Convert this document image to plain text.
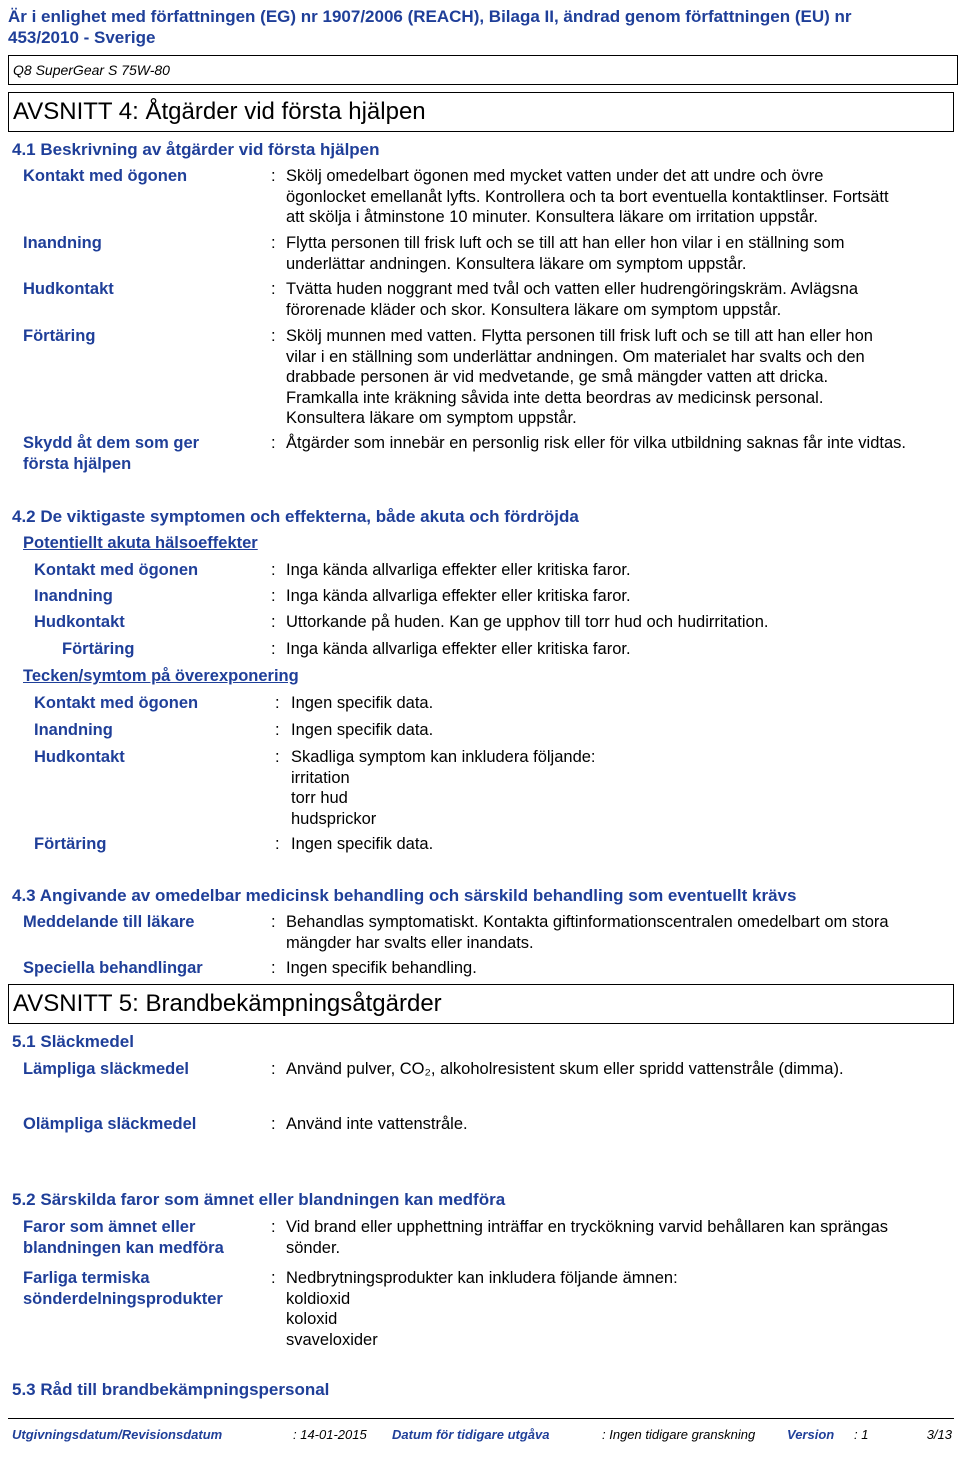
Är i enlighet med författningen (EG) nr 1907/2006 (REACH), Bilaga II, ändrad genom författningen (EU) nr
453/2010 - Sverige
Q8 SuperGear S 75W-80
AVSNITT 4: Åtgärder vid första hjälpen
4.1 Beskrivning av åtgärder vid första hjälpen
Kontakt med ögonen	: Skölj omedelbart ögonen med mycket vatten under det att undre och övre

ögonlocket emellanåt lyfts. Kontrollera och ta bort eventuella kontaktlinser. Fortsätt

att skölja i åtminstone 10 minuter. Konsultera läkare om irritation uppstår.

Inandning	: Flytta personen till frisk luft och se till att han eller hon vilar i en ställning som

underlättar andningen. Konsultera läkare om symptom uppstår.

Hudkontakt	: Tvätta huden noggrant med tvål och vatten eller hudrengöringskräm. Avlägsna

förorenade kläder och skor. Konsultera läkare om symptom uppstår.

Förtäring	: Skölj munnen med vatten. Flytta personen till frisk luft och se till att han eller hon

vilar i en ställning som underlättar andningen. Om materialet har svalts och den

drabbade personen är vid medvetande, ge små mängder vatten att dricka.

Framkalla inte kräkning såvida inte detta beordras av medicinsk personal.

Konsultera läkare om symptom uppstår.

Skydd åt dem som ger
första hjälpen
: Åtgärder som innebär en personlig risk eller för vilka utbildning saknas får inte vidtas.

4.2 De viktigaste symptomen och effekterna, både akuta och fördröjda
Potentiellt akuta hälsoeffekter
Kontakt med ögonen	: Inga kända allvarliga effekter eller kritiska faror.
Inandning	: Inga kända allvarliga effekter eller kritiska faror.
Hudkontakt	: Uttorkande på huden. Kan ge upphov till torr hud och hudirritation.
Förtäring	: Inga kända allvarliga effekter eller kritiska faror.
Tecken/symtom på överexponering
Kontakt med ögonen	: Ingen specifik data.

Inandning	: Ingen specifik data.

Hudkontakt	: Skadliga symptom kan inkludera följande:

irritation

torr hud

hudsprickor

Förtäring	: Ingen specifik data.

4.3 Angivande av omedelbar medicinsk behandling och särskild behandling som eventuellt krävs
Meddelande till läkare	: Behandlas symptomatiskt. Kontakta giftinformationscentralen omedelbart om stora

mängder har svalts eller inandats.

Speciella behandlingar	: Ingen specifik behandling.

AVSNITT 5: Brandbekämpningsåtgärder
5.1 Släckmedel
Lämpliga släckmedel	: Använd pulver, CO₂, alkoholresistent skum eller spridd vattenstråle (dimma).
Olämpliga släckmedel	: Använd inte vattenstråle.
5.2 Särskilda faror som ämnet eller blandningen kan medföra
Faror som ämnet eller
blandningen kan medföra
: Vid brand eller upphettning inträffar en tryckökning varvid behållaren kan sprängas

sönder.

Farliga termiska
sönderdelningsprodukter
: Nedbrytningsprodukter kan inkludera följande ämnen:

koldioxid

koloxid

svaveloxider

5.3 Råd till brandbekämpningspersonal
Utgivningsdatum/Revisionsdatum	: 14-01-2015 Datum för tidigare utgåva	: Ingen tidigare granskning Version : 1	3/13
